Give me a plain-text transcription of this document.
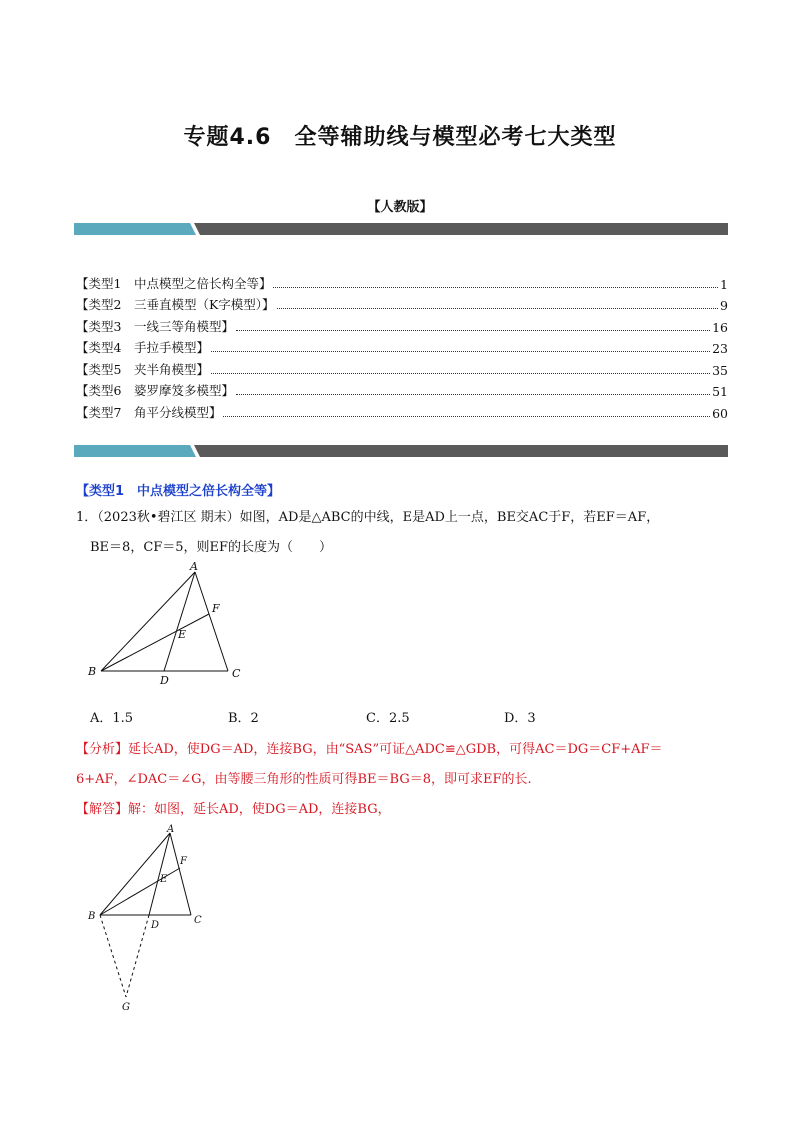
专题4.6　全等辅助线与模型必考七大类型
【人教版】
【类型1　中点模型之倍长构全等】	1
【类型2　三垂直模型（K字模型）】	9
【类型3　一线三等角模型】	16
【类型4　手拉手模型】	23
【类型5　夹半角模型】	35
【类型6　婆罗摩笈多模型】	51
【类型7　角平分线模型】	60
【类型1　中点模型之倍长构全等】
1．（2023秋•碧江区 期末）如图，AD是△ABC的中线，E是AD上一点，BE交AC于F，若EF＝AF，
BE＝8，CF＝5，则EF的长度为（　　）
A
B	C
D
E
F
A．1.5	B．2	C．2.5	D．3
【分析】延长AD，使DG＝AD，连接BG，由“SAS”可证△ADC≌△GDB，可得AC＝DG＝CF+AF＝
6+AF，∠DAC＝∠G，由等腰三角形的性质可得BE＝BG＝8，即可求EF的长.
【解答】解：如图，延长AD，使DG＝AD，连接BG，
A
B	C
D
E
F
G
